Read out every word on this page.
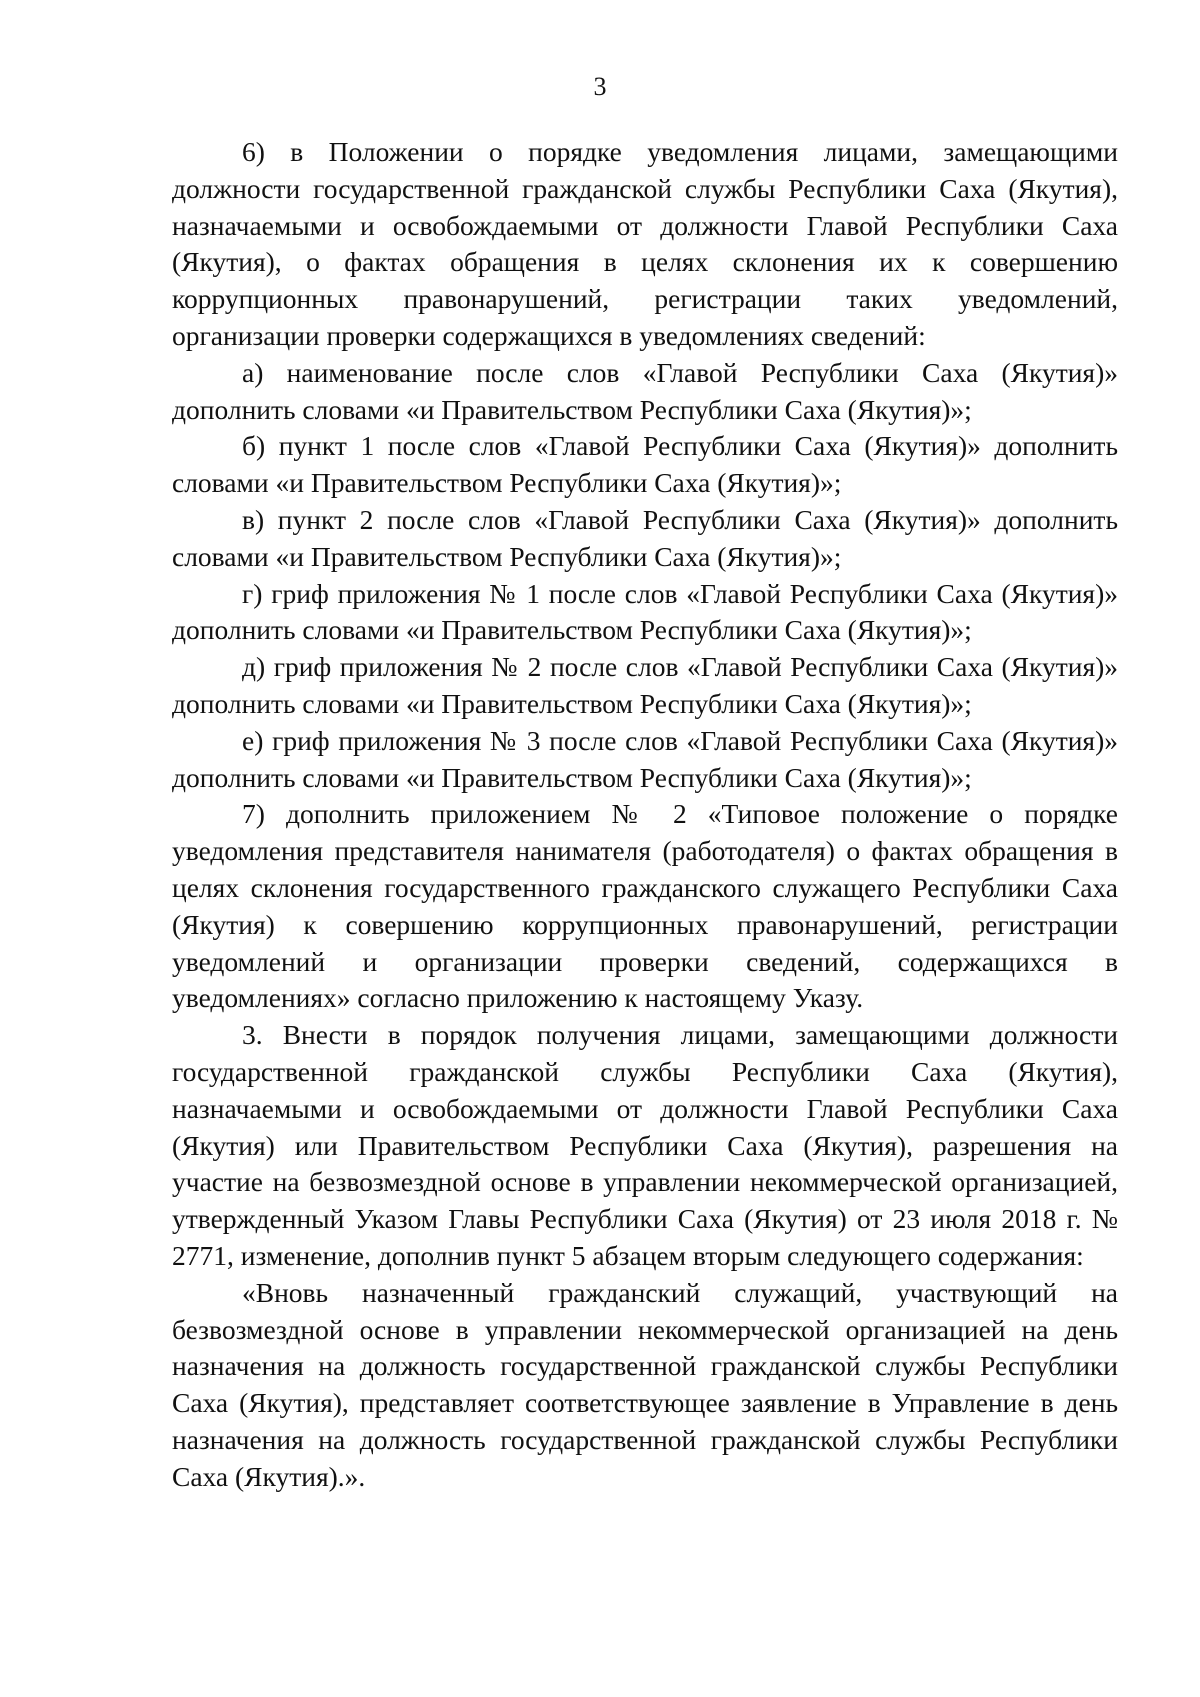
3

6) в Положении о порядке уведомления лицами, замещающими должности государственной гражданской службы Республики Саха (Якутия), назначаемыми и освобождаемыми от должности Главой Республики Саха (Якутия), о фактах обращения в целях склонения их к совершению коррупционных правонарушений, регистрации таких уведомлений, организации проверки содержащихся в уведомлениях сведений:

а) наименование после слов «Главой Республики Саха (Якутия)» дополнить словами «и Правительством Республики Саха (Якутия)»;

б) пункт 1 после слов «Главой Республики Саха (Якутия)» дополнить словами «и Правительством Республики Саха (Якутия)»;

в) пункт 2 после слов «Главой Республики Саха (Якутия)» дополнить словами «и Правительством Республики Саха (Якутия)»;

г) гриф приложения № 1 после слов «Главой Республики Саха (Якутия)» дополнить словами «и Правительством Республики Саха (Якутия)»;

д) гриф приложения № 2 после слов «Главой Республики Саха (Якутия)» дополнить словами «и Правительством Республики Саха (Якутия)»;

е) гриф приложения № 3 после слов «Главой Республики Саха (Якутия)» дополнить словами «и Правительством Республики Саха (Якутия)»;

7) дополнить приложением № 2 «Типовое положение о порядке уведомления представителя нанимателя (работодателя) о фактах обращения в целях склонения государственного гражданского служащего Республики Саха (Якутия) к совершению коррупционных правонарушений, регистрации уведомлений и организации проверки сведений, содержащихся в уведомлениях» согласно приложению к настоящему Указу.

3. Внести в порядок получения лицами, замещающими должности государственной гражданской службы Республики Саха (Якутия), назначаемыми и освобождаемыми от должности Главой Республики Саха (Якутия) или Правительством Республики Саха (Якутия), разрешения на участие на безвозмездной основе в управлении некоммерческой организацией, утвержденный Указом Главы Республики Саха (Якутия) от 23 июля 2018 г. № 2771, изменение, дополнив пункт 5 абзацем вторым следующего содержания:

«Вновь назначенный гражданский служащий, участвующий на безвозмездной основе в управлении некоммерческой организацией на день назначения на должность государственной гражданской службы Республики Саха (Якутия), представляет соответствующее заявление в Управление в день назначения на должность государственной гражданской службы Республики Саха (Якутия).».
